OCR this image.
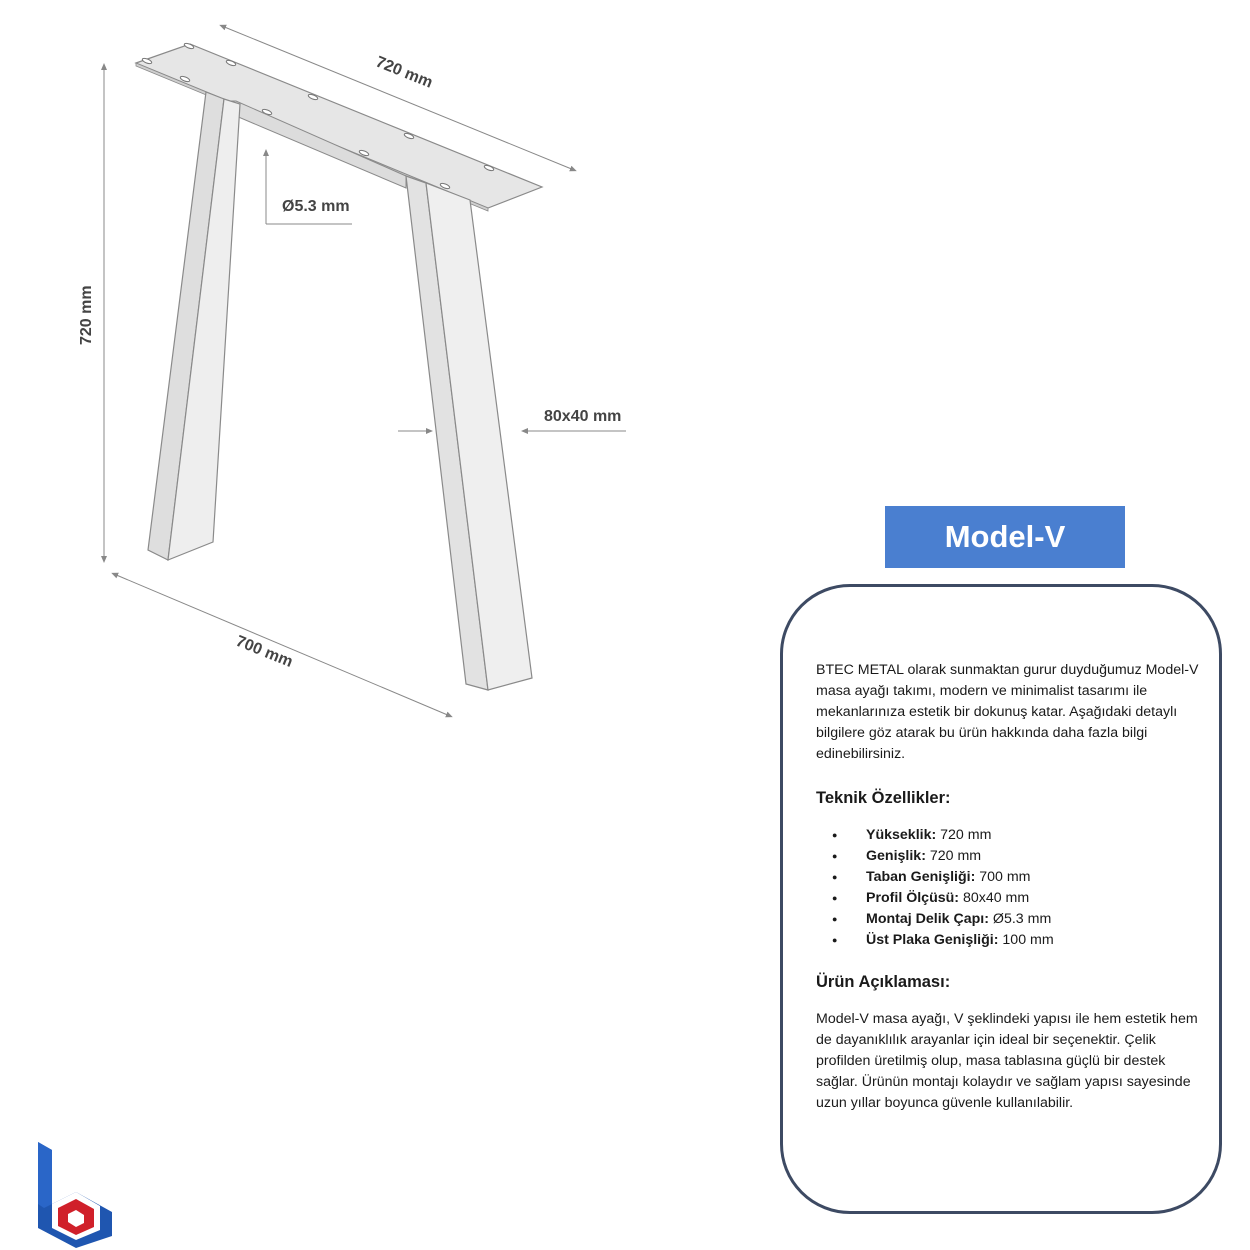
720 mm
720 mm
700 mm
Ø5.3 mm
80x40 mm
Model-V

BTEC METAL olarak sunmaktan gurur duyduğumuz Model-V masa ayağı takımı, modern ve minimalist tasarımı ile mekanlarınıza estetik bir dokunuş katar. Aşağıdaki detaylı bilgilere göz atarak bu ürün hakkında daha fazla bilgi edinebilirsiniz.

Teknik Özellikler:
● Yükseklik: 720 mm
● Genişlik: 720 mm
● Taban Genişliği: 700 mm
● Profil Ölçüsü: 80x40 mm
● Montaj Delik Çapı: Ø5.3 mm
● Üst Plaka Genişliği: 100 mm
Ürün Açıklaması:

Model-V masa ayağı, V şeklindeki yapısı ile hem estetik hem de dayanıklılık arayanlar için ideal bir seçenektir. Çelik profilden üretilmiş olup, masa tablasına güçlü bir destek sağlar. Ürünün montajı kolaydır ve sağlam yapısı sayesinde uzun yıllar boyunca güvenle kullanılabilir.
